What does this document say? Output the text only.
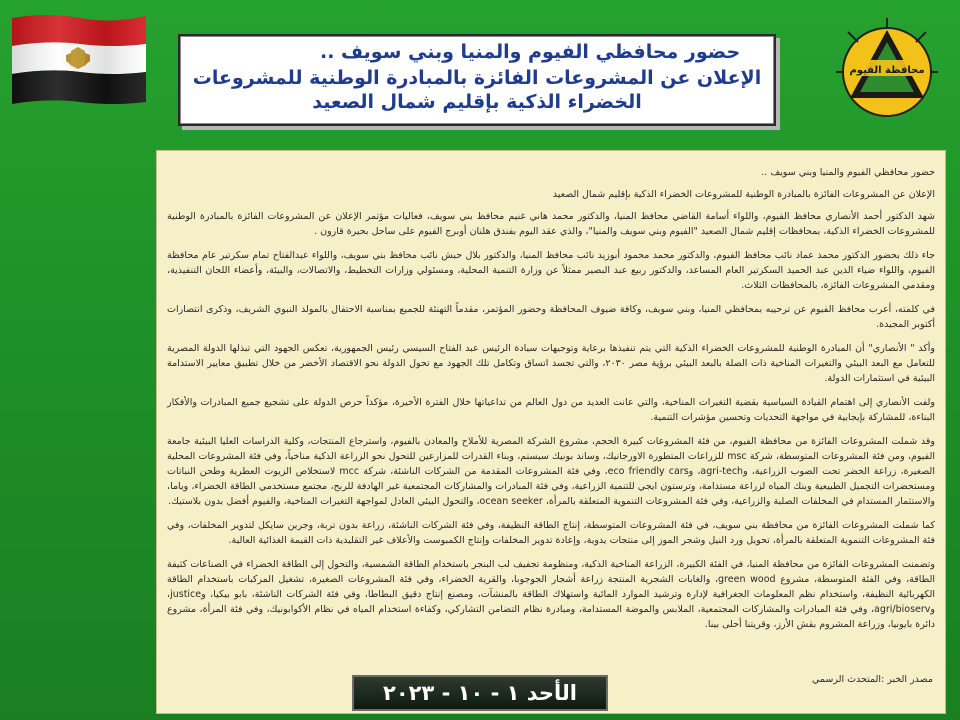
محافظة الفيوم
حضور محافظي الفيوم والمنيا وبني سويف ..
الإعلان عن المشروعات الفائزة بالمبادرة الوطنية للمشروعات الخضراء الذكية بإقليم شمال الصعيد

حضور محافظي الفيوم والمنيا وبني سويف ..

الإعلان عن المشروعات الفائزة بالمبادرة الوطنية للمشروعات الخضراء الذكية بإقليم شمال الصعيد

شهد الدكتور أحمد الأنصاري محافظ الفيوم، واللواء أسامة القاضي محافظ المنيا، والدكتور محمد هاني غنيم محافظ بني سويف، فعاليات مؤتمر الإعلان عن المشروعات الفائزة بالمبادرة الوطنية للمشروعات الخضراء الذكية، بمحافظات إقليم شمال الصعيد "الفيوم وبني سويف والمنيا"، والذي عقد اليوم بفندق هلنان أوبرج الفيوم على ساحل بحيرة قارون .

جاء ذلك بحضور الدكتور محمد عماد نائب محافظ الفيوم، والدكتور محمد محمود أبوزيد نائب محافظ المنيا، والدكتور بلال حبش نائب محافظ بني سويف، واللواء عبدالفتاح تمام سكرتير عام محافظة الفيوم، واللواء ضياء الدين عبد الحميد السكرتير العام المساعد، والدكتور ربيع عبد البصير ممثلاً عن وزارة التنمية المحلية، ومسئولي وزارات التخطيط، والاتصالات، والبيئة، وأعضاء اللجان التنفيذية، ومقدمي المشروعات الفائزة، بالمحافظات الثلاث.

في كلمته، أعرب محافظ الفيوم عن ترحيبه بمحافظي المنيا، وبني سويف، وكافة ضيوف المحافظة وحضور المؤتمر، مقدماً التهنئة للجميع بمناسبة الاحتفال بالمولد النبوي الشريف، وذكرى انتصارات أكتوبر المجيدة.

وأكد " الأنصاري" أن المبادرة الوطنية للمشروعات الخضراء الذكية التي يتم تنفيذها برعاية وتوجيهات سيادة الرئيس عبد الفتاح السيسي رئيس الجمهورية، تعكس الجهود التي تبذلها الدولة المصرية للتعامل مع البعد البيئي والتغيرات المناخية ذات الصلة بالبعد البيئي برؤية مصر ٢٠٣٠، والتي تجسد اتساق وتكامل تلك الجهود مع تحول الدولة نحو الاقتصاد الأخضر من خلال تطبيق معايير الاستدامة البيئية في استثمارات الدولة.

ولفت الأنصاري إلى اهتمام القيادة السياسية بقضية التغيرات المناخية، والتي عانت العديد من دول العالم من تداعياتها خلال الفترة الأخيرة، مؤكداً حرص الدولة على تشجيع جميع المبادرات والأفكار البناءة، للمشاركة بإيجابية في مواجهة التحديات وتحسين مؤشرات التنمية.

وقد شملت المشروعات الفائزة من محافظة الفيوم، من فئة المشروعات كبيرة الحجم، مشروع الشركة المصرية للأملاح والمعادن بالفيوم، واسترجاع المنتجات، وكلية الدراسات العليا البيئية جامعة الفيوم، ومن فئة المشروعات المتوسطة، شركة msc للزراعات المتطورة الاورجانيك، وساند بونيك سيستم، وبناء القدرات للمزارعين للتحول نحو الزراعة الذكية مناخياً، وفي فئة المشروعات المحلية الصغيرة، زراعة الخضر تحت الصوب الزراعية، وagri-tech، وeco friendly cars، وفي فئة المشروعات المقدمة من الشركات الناشئة، شركة mcc لاستخلاص الزيوت العطرية وطحن النباتات ومستحضرات التجميل الطبيعية وبنك المياه لزراعة مستدامة، وترستون ايجي للتنمية الزراعية، وفي فئة المبادرات والمشاركات المجتمعية غير الهادفة للربح، مجتمع مستخدمي الطاقة الخضراء، وياما، والاستثمار المستدام في المخلفات الصلبة والزراعية، وفي فئة المشروعات التنموية المتعلقة بالمرأة، ocean seeker، والتحول البيئي العادل لمواجهة التغيرات المناخية، والفيوم أفضل بدون بلاستيك.

كما شملت المشروعات الفائزة من محافظة بني سويف، في فئة المشروعات المتوسطة، إنتاج الطاقة النظيفة، وفي فئة الشركات الناشئة، زراعة بدون تربة، وجرين سايكل لتدوير المخلفات، وفي فئة المشروعات التنموية المتعلقة بالمرأة، تحويل ورد النيل وشجر الموز إلى منتجات يدوية، وإعادة تدوير المخلفات وإنتاج الكمبوست والأعلاف غير التقليدية ذات القيمة الغذائية العالية.

وتضمنت المشروعات الفائزة من محافظة المنيا، في الفئة الكبيرة، الزراعة المناخية الذكية، ومنظومة تجفيف لب البنجر باستخدام الطاقة الشمسية، والتحول إلى الطاقة الخضراء في الصناعات كثيفة الطاقة، وفي الفئة المتوسطة، مشروع green wood، والغابات الشجرية المنتجة زراعة أشجار الجوجوبا، والقرية الخضراء، وفي فئة المشروعات الصغيرة، تشغيل المركبات باستخدام الطاقة الكهربائية النظيفة، واستخدام نظم المعلومات الجغرافية لإدارة وترشيد الموارد المائية واستهلاك الطاقة بالمنشآت، ومصنع إنتاج دقيق البطاطا، وفي فئة الشركات الناشئة، بابو بيكيا، وjustice، وagri/bioserv، وفي فئة المبادرات والمشاركات المجتمعية، الملابس والموضة المستدامة، ومبادرة نظام التضامن التشاركي، وكفاءة استخدام المياه في نظام الأكوابونيك، وفي فئة المرأة، مشروع دائرة بايونيا، وزراعة المشروم بقش الأرز، وقريتنا أحلى بينا.

مصدر الخبر :المتحدث الرسمي
الأحد ١ - ١٠ - ٢٠٢٣
